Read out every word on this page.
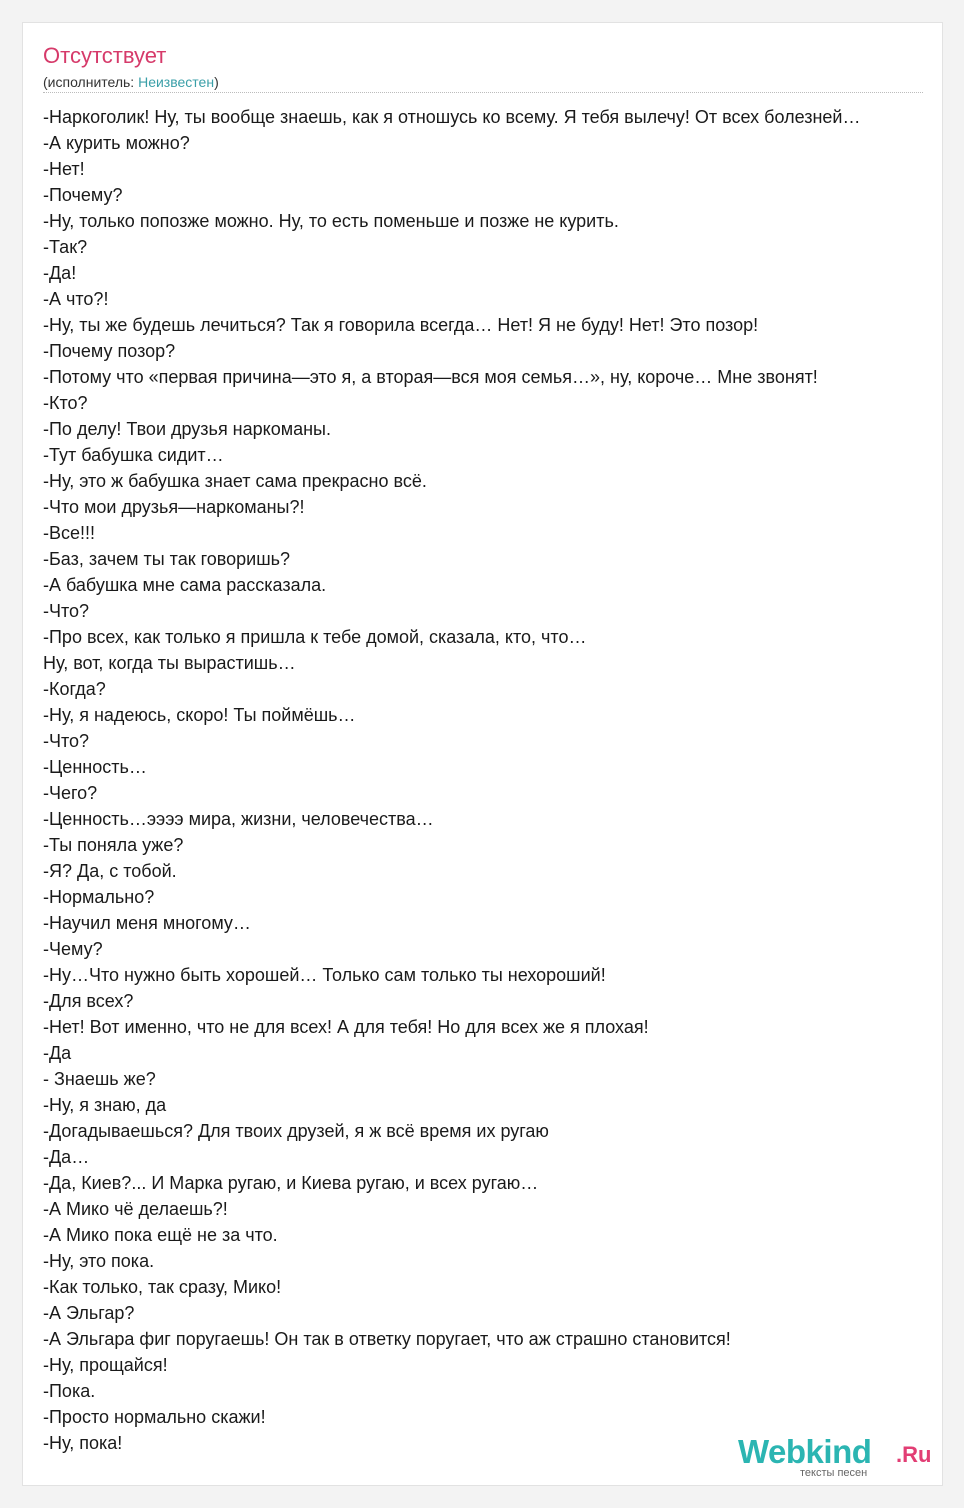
Отсутствует
(исполнитель: Неизвестен)
-Наркоголик! Ну, ты вообще знаешь, как я отношусь ко всему. Я тебя вылечу! От всех болезней…
-А курить можно?
-Нет!
-Почему?
-Ну, только попозже можно. Ну, то есть поменьше и позже не курить.
-Так?
-Да!
-А что?!
-Ну, ты же будешь лечиться? Так я говорила всегда… Нет! Я не буду! Нет! Это позор!
-Почему позор?
-Потому что «первая причина—это я, а вторая—вся моя семья…», ну, короче… Мне звонят!
-Кто?
-По делу! Твои друзья наркоманы.
-Тут бабушка сидит…
-Ну, это ж бабушка знает сама прекрасно всё.
-Что мои друзья—наркоманы?!
-Все!!!
-Баз, зачем ты так говоришь?
-А бабушка мне сама рассказала.
-Что?
-Про всех, как только я пришла к тебе домой, сказала, кто, что…
Ну, вот, когда ты вырастишь…
-Когда?
-Ну, я надеюсь, скоро! Ты поймёшь…
-Что?
-Ценность…
-Чего?
-Ценность…ээээ мира, жизни, человечества…
-Ты поняла уже?
-Я? Да, с тобой.
-Нормально?
-Научил меня многому…
-Чему?
-Ну…Что нужно быть хорошей… Только сам только ты нехороший!
-Для всех?
-Нет! Вот именно, что не для всех! А для тебя! Но для всех же я плохая!
-Да
- Знаешь же?
-Ну, я знаю, да
-Догадываешься? Для твоих друзей, я ж всё время их ругаю
-Да…
-Да, Киев?... И Марка ругаю, и Киева ругаю, и всех ругаю…
-А Мико чё делаешь?!
-А Мико пока ещё не за что.
-Ну, это пока.
-Как только, так сразу, Мико!
-А Эльгар?
-А Эльгара фиг поругаешь! Он так в ответку поругает, что аж страшно становится!
-Ну, прощайся!
-Пока.
-Просто нормально скажи!
-Ну, пока!	Webkind .Ru
тексты песен
